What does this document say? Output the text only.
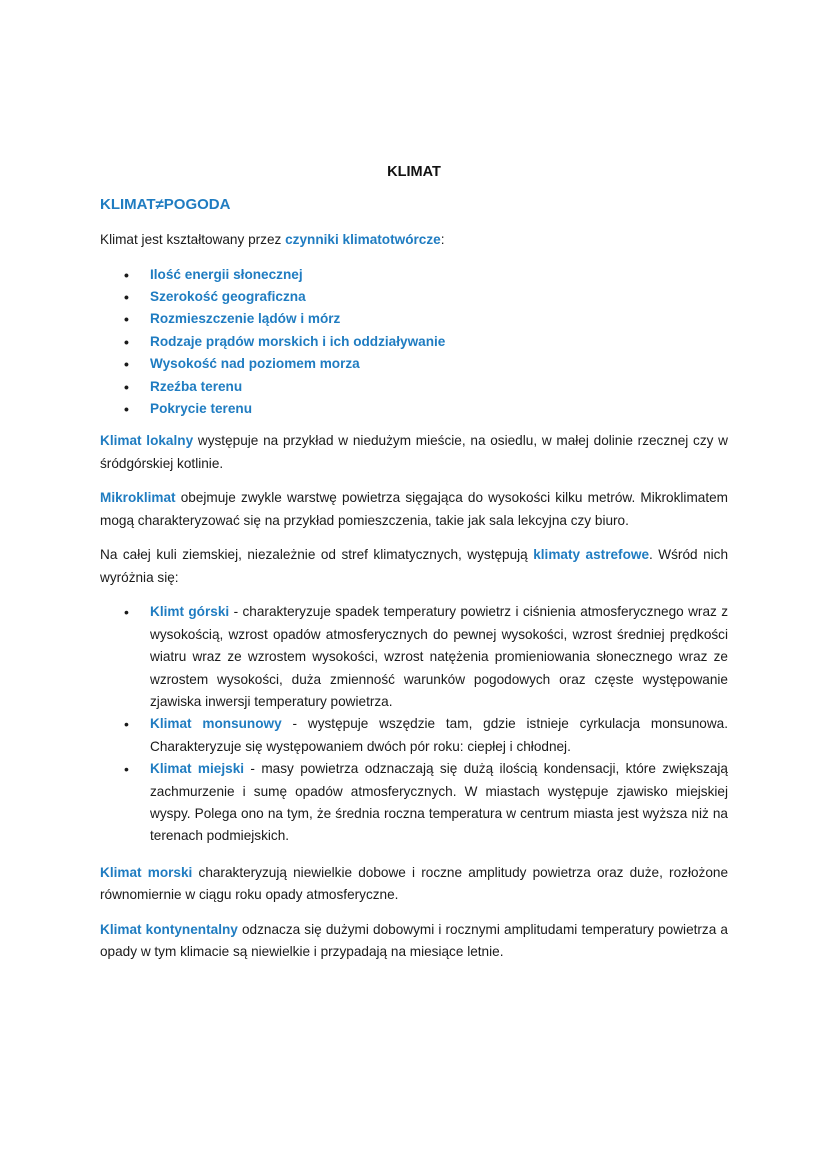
KLIMAT
KLIMAT≠POGODA

Klimat jest kształtowany przez czynniki klimatotwórcze:

• Ilość energii słonecznej
• Szerokość geograficzna
• Rozmieszczenie lądów i mórz
• Rodzaje prądów morskich i ich oddziaływanie
• Wysokość nad poziomem morza
• Rzeźba terenu
• Pokrycie terenu

Klimat lokalny występuje na przykład w niedużym mieście, na osiedlu, w małej dolinie rzecznej czy w śródgórskiej kotlinie.

Mikroklimat obejmuje zwykle warstwę powietrza sięgająca do wysokości kilku metrów. Mikroklimatem mogą charakteryzować się na przykład pomieszczenia, takie jak sala lekcyjna czy biuro.

Na całej kuli ziemskiej, niezależnie od stref klimatycznych, występują klimaty astrefowe. Wśród nich wyróżnia się:

• Klimt górski - charakteryzuje spadek temperatury powietrz i ciśnienia atmosferycznego wraz z wysokością, wzrost opadów atmosferycznych do pewnej wysokości, wzrost średniej prędkości wiatru wraz ze wzrostem wysokości, wzrost natężenia promieniowania słonecznego wraz ze wzrostem wysokości, duża zmienność warunków pogodowych oraz częste występowanie zjawiska inwersji temperatury powietrza.
• Klimat monsunowy - występuje wszędzie tam, gdzie istnieje cyrkulacja monsunowa. Charakteryzuje się występowaniem dwóch pór roku: ciepłej i chłodnej.
• Klimat miejski - masy powietrza odznaczają się dużą ilością kondensacji, które zwiększają zachmurzenie i sumę opadów atmosferycznych. W miastach występuje zjawisko miejskiej wyspy. Polega ono na tym, że średnia roczna temperatura w centrum miasta jest wyższa niż na terenach podmiejskich.

Klimat morski charakteryzują niewielkie dobowe i roczne amplitudy powietrza oraz duże, rozłożone równomiernie w ciągu roku opady atmosferyczne.

Klimat kontynentalny odznacza się dużymi dobowymi i rocznymi amplitudami temperatury powietrza a opady w tym klimacie są niewielkie i przypadają na miesiące letnie.
